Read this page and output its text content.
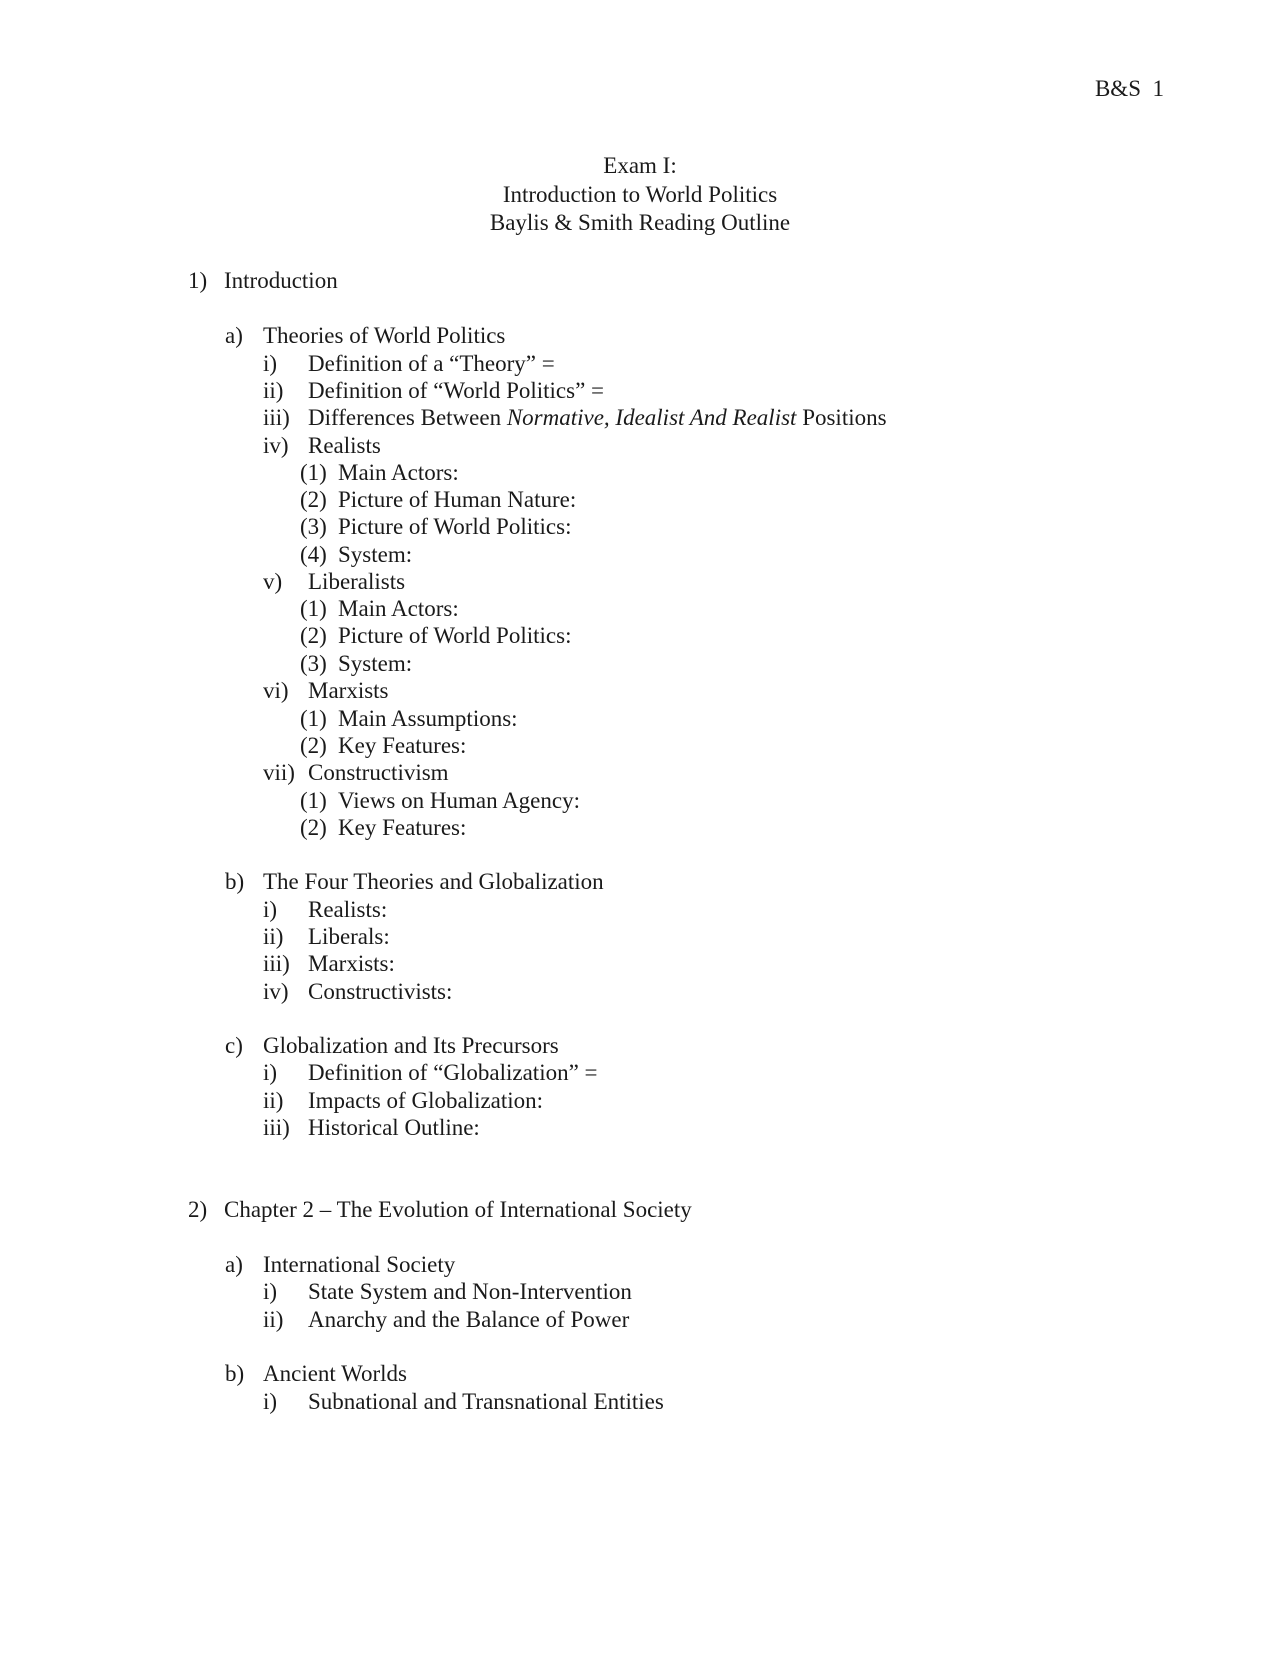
B&S  1
Exam I:
Introduction to World Politics
Baylis & Smith Reading Outline
1) Introduction
a) Theories of World Politics
i) Definition of a “Theory” =
ii) Definition of “World Politics” =
iii) Differences Between Normative, Idealist And Realist Positions
iv) Realists
(1) Main Actors:
(2) Picture of Human Nature:
(3) Picture of World Politics:
(4) System:
v) Liberalists
(1) Main Actors:
(2) Picture of World Politics:
(3) System:
vi) Marxists
(1) Main Assumptions:
(2) Key Features:
vii) Constructivism
(1) Views on Human Agency:
(2) Key Features:
b) The Four Theories and Globalization
i) Realists:
ii) Liberals:
iii) Marxists:
iv) Constructivists:
c) Globalization and Its Precursors
i) Definition of “Globalization” =
ii) Impacts of Globalization:
iii) Historical Outline:
2) Chapter 2 – The Evolution of International Society
a) International Society
i) State System and Non-Intervention
ii) Anarchy and the Balance of Power
b) Ancient Worlds
i) Subnational and Transnational Entities
